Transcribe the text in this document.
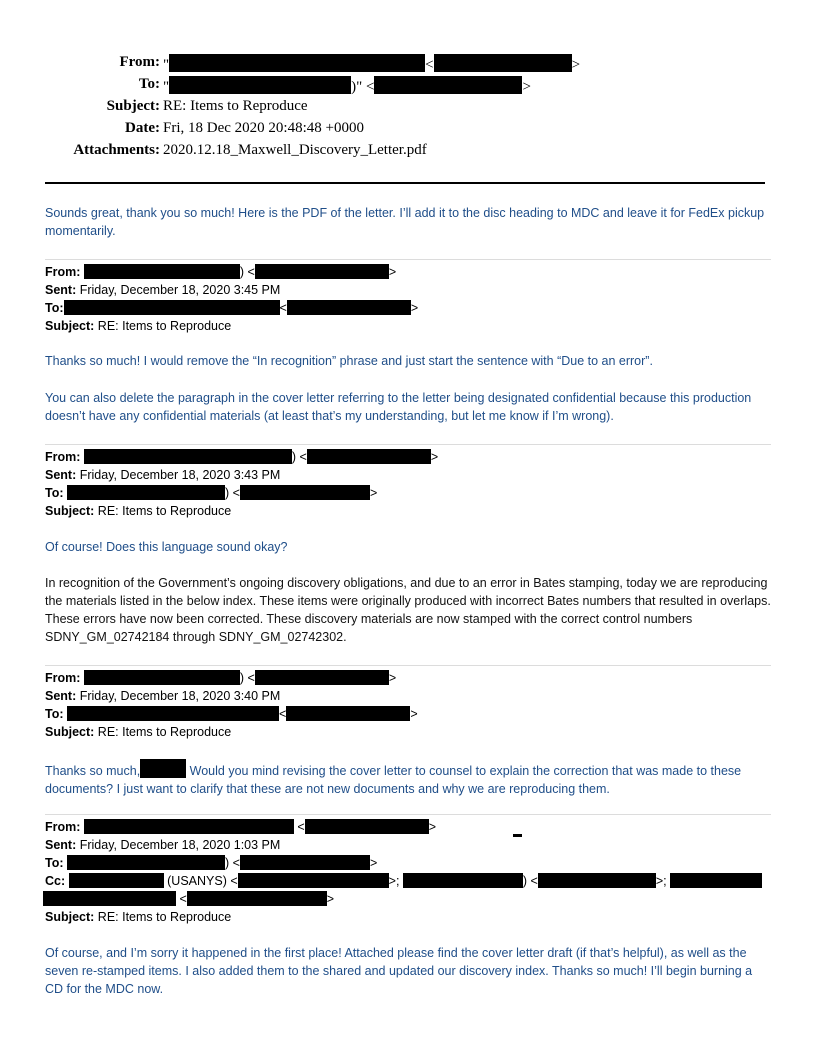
From: "	<	>
To: "	)" <	>
Subject: RE: Items to Reproduce
Date: Fri, 18 Dec 2020 20:48:48 +0000
Attachments: 2020.12.18_Maxwell_Discovery_Letter.pdf
Sounds great, thank you so much! Here is the PDF of the letter. I’ll add it to the disc heading to MDC and leave it for FedEx pickup momentarily.
From:	) <	>
Sent: Friday, December 18, 2020 3:45 PM
To:	<	>
Subject: RE: Items to Reproduce
Thanks so much! I would remove the “In recognition” phrase and just start the sentence with “Due to an error”.
You can also delete the paragraph in the cover letter referring to the letter being designated confidential because this production doesn’t have any confidential materials (at least that’s my understanding, but let me know if I’m wrong).
From:	) <	>
Sent: Friday, December 18, 2020 3:43 PM
To:	) <	>
Subject: RE: Items to Reproduce
Of course! Does this language sound okay?
In recognition of the Government’s ongoing discovery obligations, and due to an error in Bates stamping, today we are reproducing the materials listed in the below index. These items were originally produced with incorrect Bates numbers that resulted in overlaps. These errors have now been corrected. These discovery materials are now stamped with the correct control numbers SDNY_GM_02742184 through SDNY_GM_02742302.
From:	) <	>
Sent: Friday, December 18, 2020 3:40 PM
To:	<	>
Subject: RE: Items to Reproduce
Thanks so much,	Would you mind revising the cover letter to counsel to explain the correction that was made to these documents? I just want to clarify that these are not new documents and why we are reproducing them.
From:	<	>
Sent: Friday, December 18, 2020 1:03 PM
To:	) <	>
Cc:	(USANYS) <	>;	) <	>;
<	>
Subject: RE: Items to Reproduce
Of course, and I’m sorry it happened in the first place! Attached please find the cover letter draft (if that’s helpful), as well as the seven re-stamped items. I also added them to the shared and updated our discovery index. Thanks so much! I’ll begin burning a CD for the MDC now.
